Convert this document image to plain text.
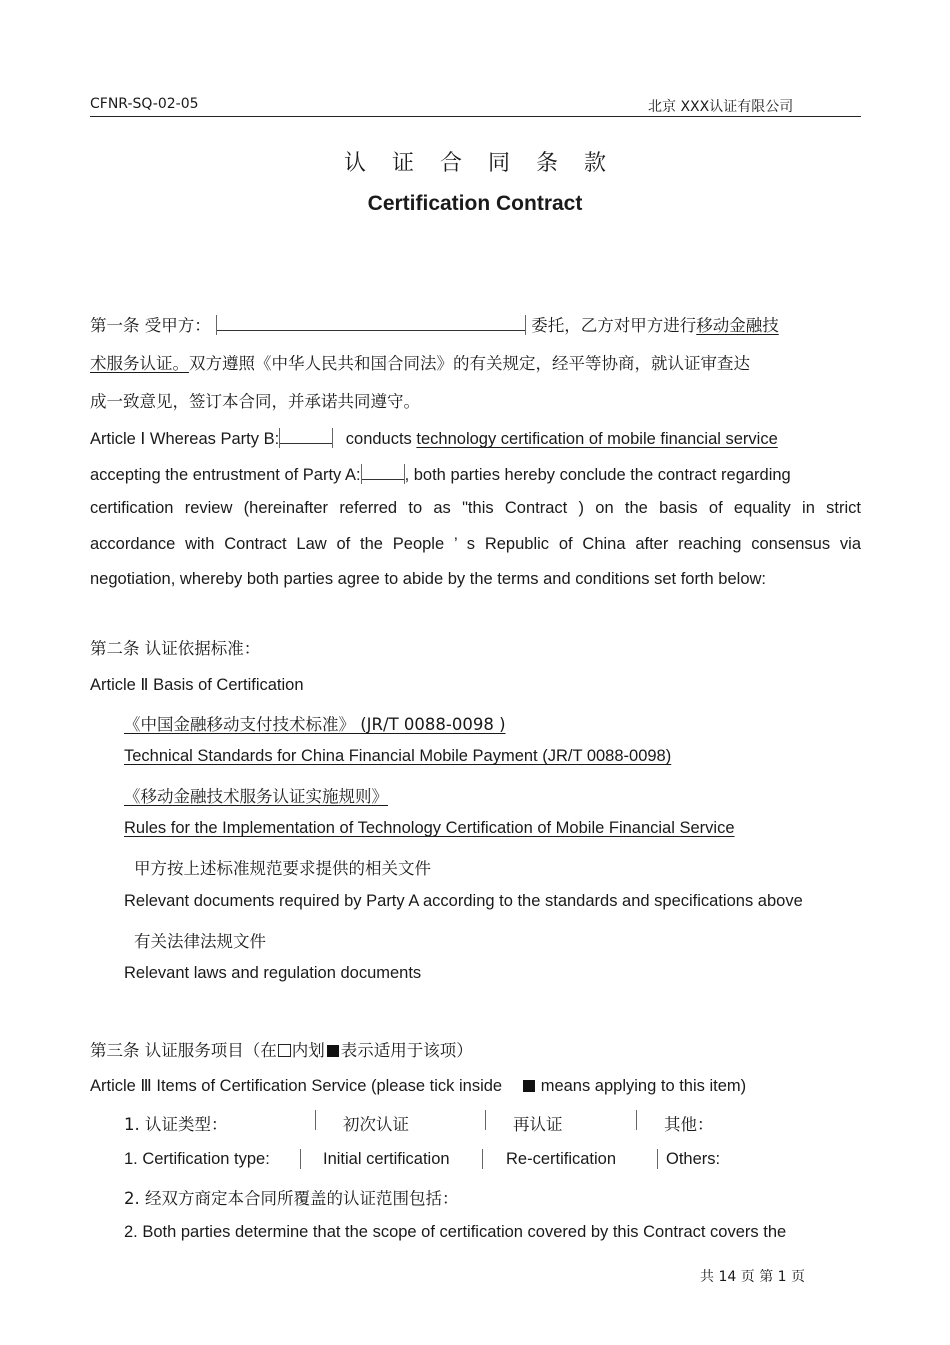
CFNR-SQ-02-05	北京 XXX认证有限公司
认证合同条款
Certification Contract
第一条 受甲方：	委托，乙方对甲方进行移动金融技
术服务认证。双方遵照《中华人民共和国合同法》的有关规定，经平等协商，就认证审查达
成一致意见，签订本合同，并承诺共同遵守。
Article Ⅰ Whereas Party B:	conducts technology certification of mobile financial service
accepting the entrustment of Party A:	, both parties hereby conclude the contract regarding
certification review (hereinafter referred to as "this Contract ) on the basis of equality in strict
accordance with Contract Law of the People ’ s Republic of China after reaching consensus via
negotiation, whereby both parties agree to abide by the terms and conditions set forth below:
第二条 认证依据标准：
Article Ⅱ Basis of Certification
《中国金融移动支付技术标准》 (JR/T 0088-0098 )
Technical Standards for China Financial Mobile Payment (JR/T 0088-0098)
《移动金融技术服务认证实施规则》
Rules for the Implementation of Technology Certification of Mobile Financial Service
甲方按上述标准规范要求提供的相关文件
Relevant documents required by Party A according to the standards and specifications above
有关法律法规文件
Relevant laws and regulation documents
第三条 认证服务项目（在 内划 表示适用于该项）
Article Ⅲ Items of Certification Service (please tick inside means applying to this item)
1. 认证类型：	初次认证	再认证	其他：
1. Certification type:	Initial certification	Re-certification	Others:
2. 经双方商定本合同所覆盖的认证范围包括：
2. Both parties determine that the scope of certification covered by this Contract covers the
共 14 页 第 1 页
